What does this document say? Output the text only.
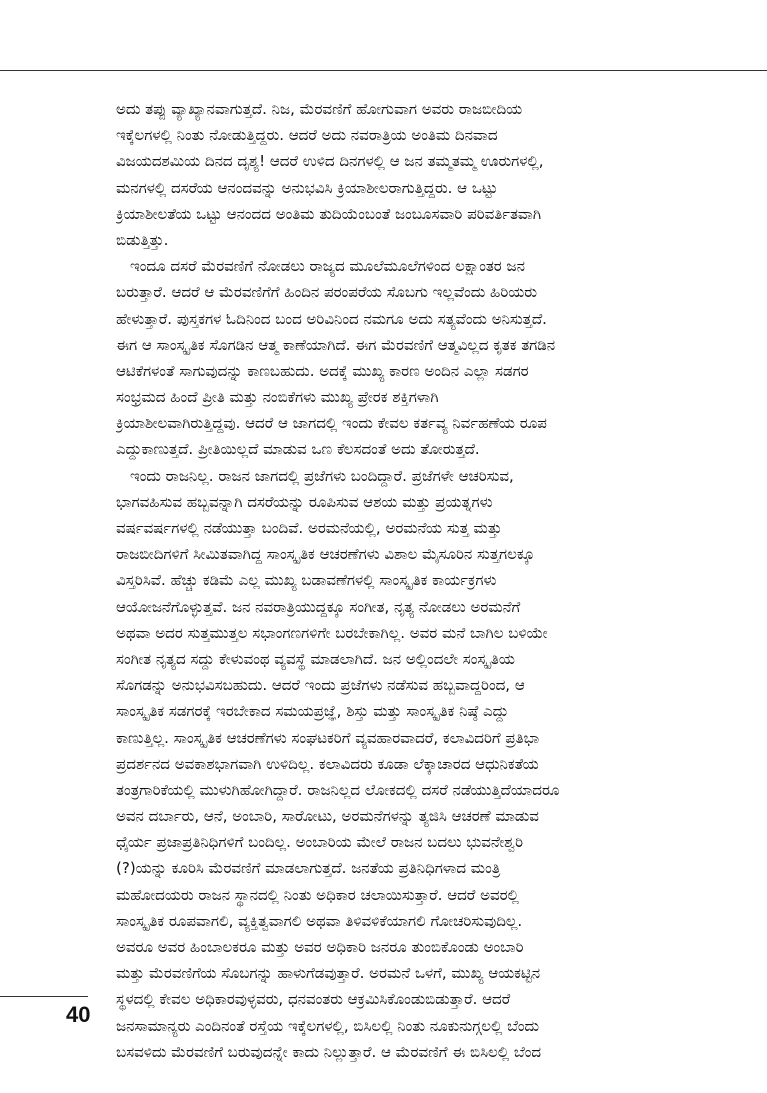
ಅದು ತಪ್ಪು ವ್ಯಾಖ್ಯಾನವಾಗುತ್ತದೆ. ನಿಜ, ಮೆರವಣಿಗೆ ಹೋಗುವಾಗ ಅವರು ರಾಜಬೀದಿಯ
ಇಕ್ಕೆಲಗಳಲ್ಲಿ ನಿಂತು ನೋಡುತ್ತಿದ್ದರು. ಆದರೆ ಅದು ನವರಾತ್ರಿಯ ಅಂತಿಮ ದಿನವಾದ
ವಿಜಯದಶಮಿಯ ದಿನದ ದೃಶ್ಯ! ಆದರೆ ಉಳಿದ ದಿನಗಳಲ್ಲಿ ಆ ಜನ ತಮ್ಮತಮ್ಮ ಊರುಗಳಲ್ಲಿ,
ಮನಗಳಲ್ಲಿ ದಸರೆಯ ಆನಂದವನ್ನು ಅನುಭವಿಸಿ ಕ್ರಿಯಾಶೀಲರಾಗುತ್ತಿದ್ದರು. ಆ ಒಟ್ಟು
ಕ್ರಿಯಾಶೀಲತೆಯ ಒಟ್ಟು ಆನಂದದ ಅಂತಿಮ ತುದಿಯೆಂಬಂತೆ ಜಂಬೂಸವಾರಿ ಪರಿವರ್ತಿತವಾಗಿ
ಬಿಡುತ್ತಿತ್ತು.
ಇಂದೂ ದಸರೆ ಮೆರವಣಿಗೆ ನೋಡಲು ರಾಜ್ಯದ ಮೂಲೆಮೂಲೆಗಳಿಂದ ಲಕ್ಷಾಂತರ ಜನ
ಬರುತ್ತಾರೆ. ಆದರೆ ಆ ಮೆರವಣಿಗೆಗೆ ಹಿಂದಿನ ಪರಂಪರೆಯ ಸೊಬಗು ಇಲ್ಲವೆಂದು ಹಿರಿಯರು
ಹೇಳುತ್ತಾರೆ. ಪುಸ್ತಕಗಳ ಓದಿನಿಂದ ಬಂದ ಅರಿವಿನಿಂದ ನಮಗೂ ಅದು ಸತ್ಯವೆಂದು ಅನಿಸುತ್ತದೆ.
ಈಗ ಆ ಸಾಂಸ್ಕೃತಿಕ ಸೊಗಡಿನ ಆತ್ಮ ಕಾಣೆಯಾಗಿದೆ. ಈಗ ಮೆರವಣಿಗೆ ಆತ್ಮವಿಲ್ಲದ ಕೃತಕ ತಗಡಿನ
ಆಟಿಕೆಗಳಂತೆ ಸಾಗುವುದನ್ನು ಕಾಣಬಹುದು. ಅದಕ್ಕೆ ಮುಖ್ಯ ಕಾರಣ ಅಂದಿನ ಎಲ್ಲಾ ಸಡಗರ
ಸಂಭ್ರಮದ ಹಿಂದೆ ಪ್ರೀತಿ ಮತ್ತು ನಂಬಿಕೆಗಳು ಮುಖ್ಯ ಪ್ರೇರಕ ಶಕ್ತಿಗಳಾಗಿ
ಕ್ರಿಯಾಶೀಲವಾಗಿರುತ್ತಿದ್ದವು. ಆದರೆ ಆ ಜಾಗದಲ್ಲಿ ಇಂದು ಕೇವಲ ಕರ್ತವ್ಯ ನಿರ್ವಹಣೆಯ ರೂಪ
ಎದ್ದುಕಾಣುತ್ತದೆ. ಪ್ರೀತಿಯಿಲ್ಲದೆ ಮಾಡುವ ಒಣ ಕೆಲಸದಂತೆ ಅದು ತೋರುತ್ತದೆ.
ಇಂದು ರಾಜನಿಲ್ಲ. ರಾಜನ ಜಾಗದಲ್ಲಿ ಪ್ರಜೆಗಳು ಬಂದಿದ್ದಾರೆ. ಪ್ರಜೆಗಳೇ ಆಚರಿಸುವ,
ಭಾಗವಹಿಸುವ ಹಬ್ಬವನ್ನಾಗಿ ದಸರೆಯನ್ನು ರೂಪಿಸುವ ಆಶಯ ಮತ್ತು ಪ್ರಯತ್ನಗಳು
ವರ್ಷವರ್ಷಗಳಲ್ಲಿ ನಡೆಯುತ್ತಾ ಬಂದಿವೆ. ಅರಮನೆಯಲ್ಲಿ, ಅರಮನೆಯ ಸುತ್ತ ಮತ್ತು
ರಾಜಬೀದಿಗಳಿಗೆ ಸೀಮಿತವಾಗಿದ್ದ ಸಾಂಸ್ಕೃತಿಕ ಆಚರಣೆಗಳು ವಿಶಾಲ ಮೈಸೂರಿನ ಸುತ್ತಗಲಕ್ಕೂ
ವಿಸ್ತರಿಸಿವೆ. ಹೆಚ್ಚು ಕಡಿಮೆ ಎಲ್ಲ ಮುಖ್ಯ ಬಡಾವಣೆಗಳಲ್ಲಿ ಸಾಂಸ್ಕೃತಿಕ ಕಾರ್ಯಕ್ರಗಳು
ಆಯೋಜನೆಗೊಳ್ಳುತ್ತವೆ. ಜನ ನವರಾತ್ರಿಯುದ್ದಕ್ಕೂ ಸಂಗೀತ, ನೃತ್ಯ ನೋಡಲು ಅರಮನೆಗೆ
ಅಥವಾ ಅದರ ಸುತ್ತಮುತ್ತಲ ಸಭಾಂಗಣಗಳಿಗೇ ಬರಬೇಕಾಗಿಲ್ಲ. ಅವರ ಮನೆ ಬಾಗಿಲ ಬಳಿಯೇ
ಸಂಗೀತ ನೃತ್ಯದ ಸದ್ದು ಕೇಳುವಂಥ ವ್ಯವಸ್ಥೆ ಮಾಡಲಾಗಿದೆ. ಜನ ಅಲ್ಲಿಂದಲೇ ಸಂಸ್ಕೃತಿಯ
ಸೊಗಡನ್ನು ಅನುಭವಿಸಬಹುದು. ಆದರೆ ಇಂದು ಪ್ರಜೆಗಳು ನಡೆಸುವ ಹಬ್ಬವಾದ್ದರಿಂದ, ಆ
ಸಾಂಸ್ಕೃತಿಕ ಸಡಗರಕ್ಕೆ ಇರಬೇಕಾದ ಸಮಯಪ್ರಜ್ಞೆ, ಶಿಸ್ತು ಮತ್ತು ಸಾಂಸ್ಕೃತಿಕ ನಿಷ್ಠೆ ಎದ್ದು
ಕಾಣುತ್ತಿಲ್ಲ. ಸಾಂಸ್ಕೃತಿಕ ಆಚರಣೆಗಳು ಸಂಘಟಕರಿಗೆ ವ್ಯವಹಾರವಾದರೆ, ಕಲಾವಿದರಿಗೆ ಪ್ರತಿಭಾ
ಪ್ರದರ್ಶನದ ಅವಕಾಶಭಾಗವಾಗಿ ಉಳಿದಿಲ್ಲ. ಕಲಾವಿದರು ಕೂಡಾ ಲೆಕ್ಕಾಚಾರದ ಆಧುನಿಕತೆಯ
ತಂತ್ರಗಾರಿಕೆಯಲ್ಲಿ ಮುಳುಗಿಹೋಗಿದ್ದಾರೆ. ರಾಜನಿಲ್ಲದ ಲೋಕದಲ್ಲಿ ದಸರೆ ನಡೆಯುತ್ತಿದೆಯಾದರೂ
ಅವನ ದರ್ಬಾರು, ಆನೆ, ಅಂಬಾರಿ, ಸಾರೋಟು, ಅರಮನೆಗಳನ್ನು ತ್ಯಜಿಸಿ ಆಚರಣೆ ಮಾಡುವ
ಧೈರ್ಯ ಪ್ರಜಾಪ್ರತಿನಿಧಿಗಳಿಗೆ ಬಂದಿಲ್ಲ. ಅಂಬಾರಿಯ ಮೇಲೆ ರಾಜನ ಬದಲು ಭುವನೇಶ್ವರಿ
(?)ಯನ್ನು ಕೂರಿಸಿ ಮೆರವಣಿಗೆ ಮಾಡಲಾಗುತ್ತದೆ. ಜನತೆಯ ಪ್ರತಿನಿಧಿಗಳಾದ ಮಂತ್ರಿ
ಮಹೋದಯರು ರಾಜನ ಸ್ಥಾನದಲ್ಲಿ ನಿಂತು ಅಧಿಕಾರ ಚಲಾಯಿಸುತ್ತಾರೆ. ಆದರೆ ಅವರಲ್ಲಿ
ಸಾಂಸ್ಕೃತಿಕ ರೂಪವಾಗಲಿ, ವ್ಯಕ್ತಿತ್ವವಾಗಲಿ ಅಥವಾ ತಿಳಿವಳಿಕೆಯಾಗಲಿ ಗೋಚರಿಸುವುದಿಲ್ಲ.
ಅವರೂ ಅವರ ಹಿಂಬಾಲಕರೂ ಮತ್ತು ಅವರ ಅಧಿಕಾರಿ ಜನರೂ ತುಂಬಿಕೊಂಡು ಅಂಬಾರಿ
ಮತ್ತು ಮೆರವಣಿಗೆಯ ಸೊಬಗನ್ನು ಹಾಳುಗೆಡವುತ್ತಾರೆ. ಅರಮನೆ ಒಳಗೆ, ಮುಖ್ಯ ಆಯಕಟ್ಟಿನ
ಸ್ಥಳದಲ್ಲಿ ಕೇವಲ ಅಧಿಕಾರವುಳ್ಳವರು, ಧನವಂತರು ಆಕ್ರಮಿಸಿಕೊಂಡುಬಿಡುತ್ತಾರೆ. ಆದರೆ
ಜನಸಾಮಾನ್ಯರು ಎಂದಿನಂತೆ ರಸ್ತೆಯ ಇಕ್ಕೆಲಗಳಲ್ಲಿ, ಬಿಸಿಲಲ್ಲಿ ನಿಂತು ನೂಕುನುಗ್ಗಲಲ್ಲಿ ಬೆಂದು
ಬಸವಳಿದು ಮೆರವಣಿಗೆ ಬರುವುದನ್ನೇ ಕಾದು ನಿಲ್ಲುತ್ತಾರೆ. ಆ ಮೆರವಣಿಗೆ ಈ ಬಿಸಿಲಲ್ಲಿ ಬೆಂದ
40
